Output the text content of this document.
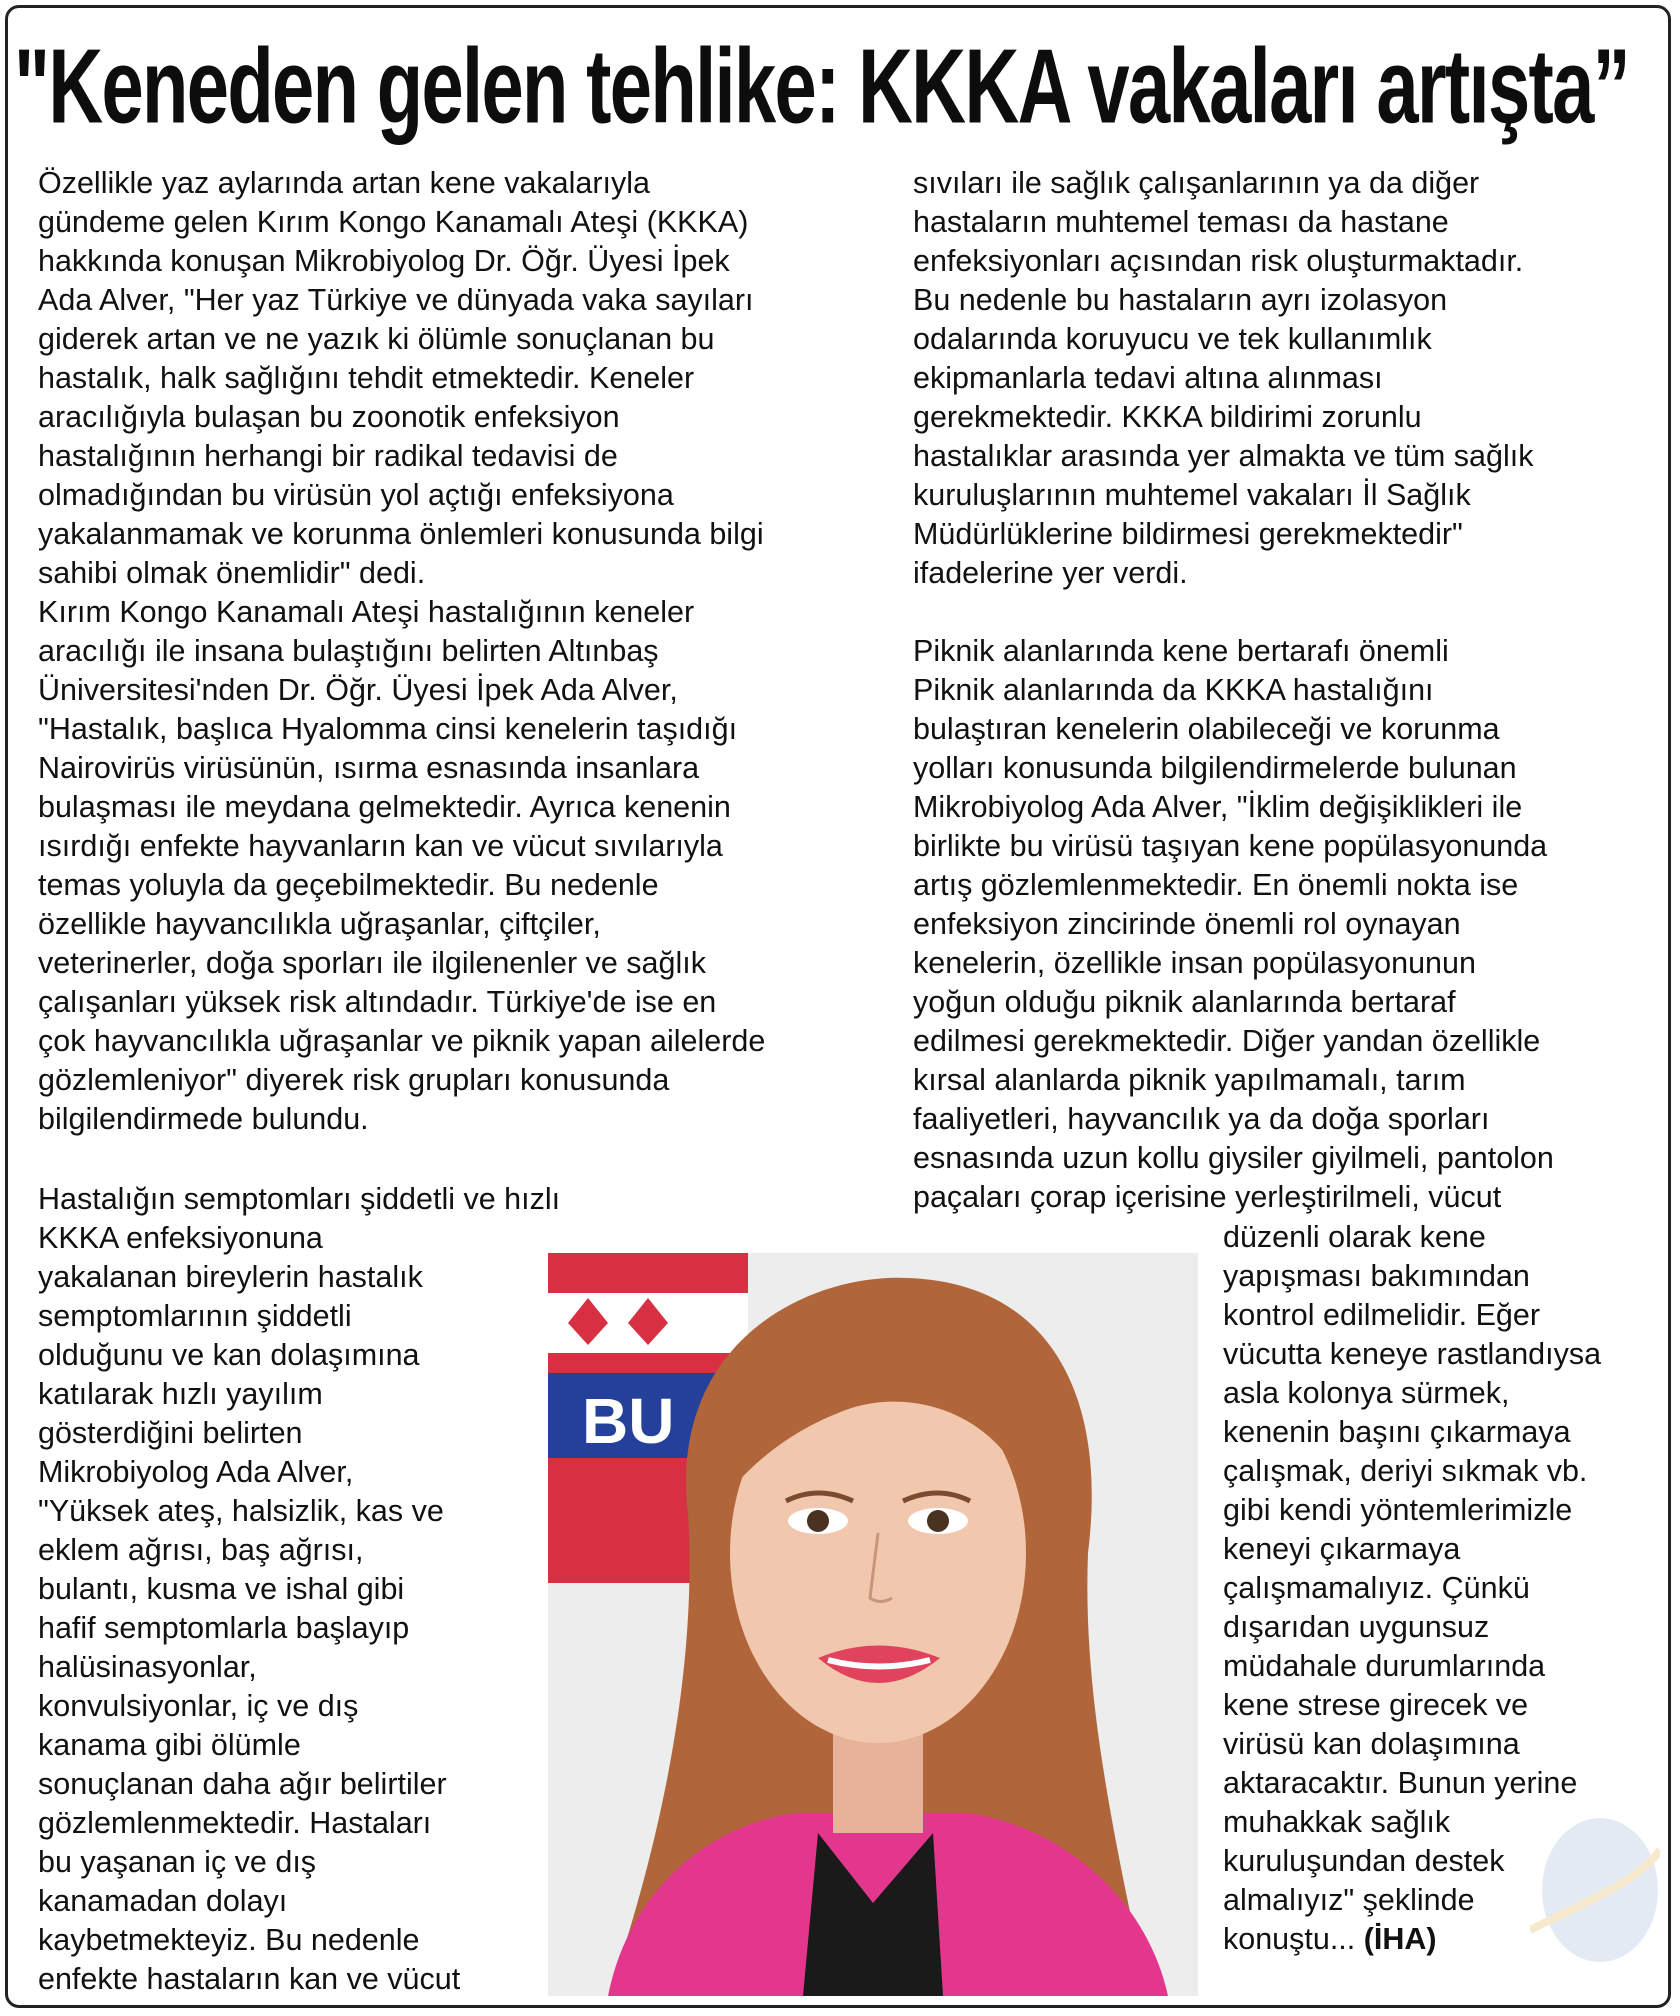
"Keneden gelen tehlike: KKKA vakaları artışta”

Özellikle yaz aylarında artan kene vakalarıyla

gündeme gelen Kırım Kongo Kanamalı Ateşi (KKKA)

hakkında konuşan Mikrobiyolog Dr. Öğr. Üyesi İpek

Ada Alver, "Her yaz Türkiye ve dünyada vaka sayıları

giderek artan ve ne yazık ki ölümle sonuçlanan bu

hastalık, halk sağlığını tehdit etmektedir. Keneler

aracılığıyla bulaşan bu zoonotik enfeksiyon

hastalığının herhangi bir radikal tedavisi de

olmadığından bu virüsün yol açtığı enfeksiyona

yakalanmamak ve korunma önlemleri konusunda bilgi

sahibi olmak önemlidir" dedi.

Kırım Kongo Kanamalı Ateşi hastalığının keneler

aracılığı ile insana bulaştığını belirten Altınbaş

Üniversitesi'nden Dr. Öğr. Üyesi İpek Ada Alver,

"Hastalık, başlıca Hyalomma cinsi kenelerin taşıdığı

Nairovirüs virüsünün, ısırma esnasında insanlara

bulaşması ile meydana gelmektedir. Ayrıca kenenin

ısırdığı enfekte hayvanların kan ve vücut sıvılarıyla

temas yoluyla da geçebilmektedir. Bu nedenle

özellikle hayvancılıkla uğraşanlar, çiftçiler,

veterinerler, doğa sporları ile ilgilenenler ve sağlık

çalışanları yüksek risk altındadır. Türkiye'de ise en

çok hayvancılıkla uğraşanlar ve piknik yapan ailelerde

gözlemleniyor" diyerek risk grupları konusunda

bilgilendirmede bulundu.

Hastalığın semptomları şiddetli ve hızlı

KKKA enfeksiyonuna

yakalanan bireylerin hastalık

semptomlarının şiddetli

olduğunu ve kan dolaşımına

katılarak hızlı yayılım

gösterdiğini belirten

Mikrobiyolog Ada Alver,

"Yüksek ateş, halsizlik, kas ve

eklem ağrısı, baş ağrısı,

bulantı, kusma ve ishal gibi

hafif semptomlarla başlayıp

halüsinasyonlar,

konvulsiyonlar, iç ve dış

kanama gibi ölümle

sonuçlanan daha ağır belirtiler

gözlemlenmektedir. Hastaları

bu yaşanan iç ve dış

kanamadan dolayı

kaybetmekteyiz. Bu nedenle

enfekte hastaların kan ve vücut

sıvıları ile sağlık çalışanlarının ya da diğer

hastaların muhtemel teması da hastane

enfeksiyonları açısından risk oluşturmaktadır.

Bu nedenle bu hastaların ayrı izolasyon

odalarında koruyucu ve tek kullanımlık

ekipmanlarla tedavi altına alınması

gerekmektedir. KKKA bildirimi zorunlu

hastalıklar arasında yer almakta ve tüm sağlık

kuruluşlarının muhtemel vakaları İl Sağlık

Müdürlüklerine bildirmesi gerekmektedir"

ifadelerine yer verdi.

Piknik alanlarında kene bertarafı önemli

Piknik alanlarında da KKKA hastalığını

bulaştıran kenelerin olabileceği ve korunma

yolları konusunda bilgilendirmelerde bulunan

Mikrobiyolog Ada Alver, "İklim değişiklikleri ile

birlikte bu virüsü taşıyan kene popülasyonunda

artış gözlemlenmektedir. En önemli nokta ise

enfeksiyon zincirinde önemli rol oynayan

kenelerin, özellikle insan popülasyonunun

yoğun olduğu piknik alanlarında bertaraf

edilmesi gerekmektedir. Diğer yandan özellikle

kırsal alanlarda piknik yapılmamalı, tarım

faaliyetleri, hayvancılık ya da doğa sporları

esnasında uzun kollu giysiler giyilmeli, pantolon

paçaları çorap içerisine yerleştirilmeli, vücut

düzenli olarak kene

yapışması bakımından

kontrol edilmelidir. Eğer

vücutta keneye rastlandıysa

asla kolonya sürmek,

kenenin başını çıkarmaya

çalışmak, deriyi sıkmak vb.

gibi kendi yöntemlerimizle

keneyi çıkarmaya

çalışmamalıyız. Çünkü

dışarıdan uygunsuz

müdahale durumlarında

kene strese girecek ve

virüsü kan dolaşımına

aktaracaktır. Bunun yerine

muhakkak sağlık

kuruluşundan destek

almalıyız" şeklinde

konuştu... (İHA)

BU
